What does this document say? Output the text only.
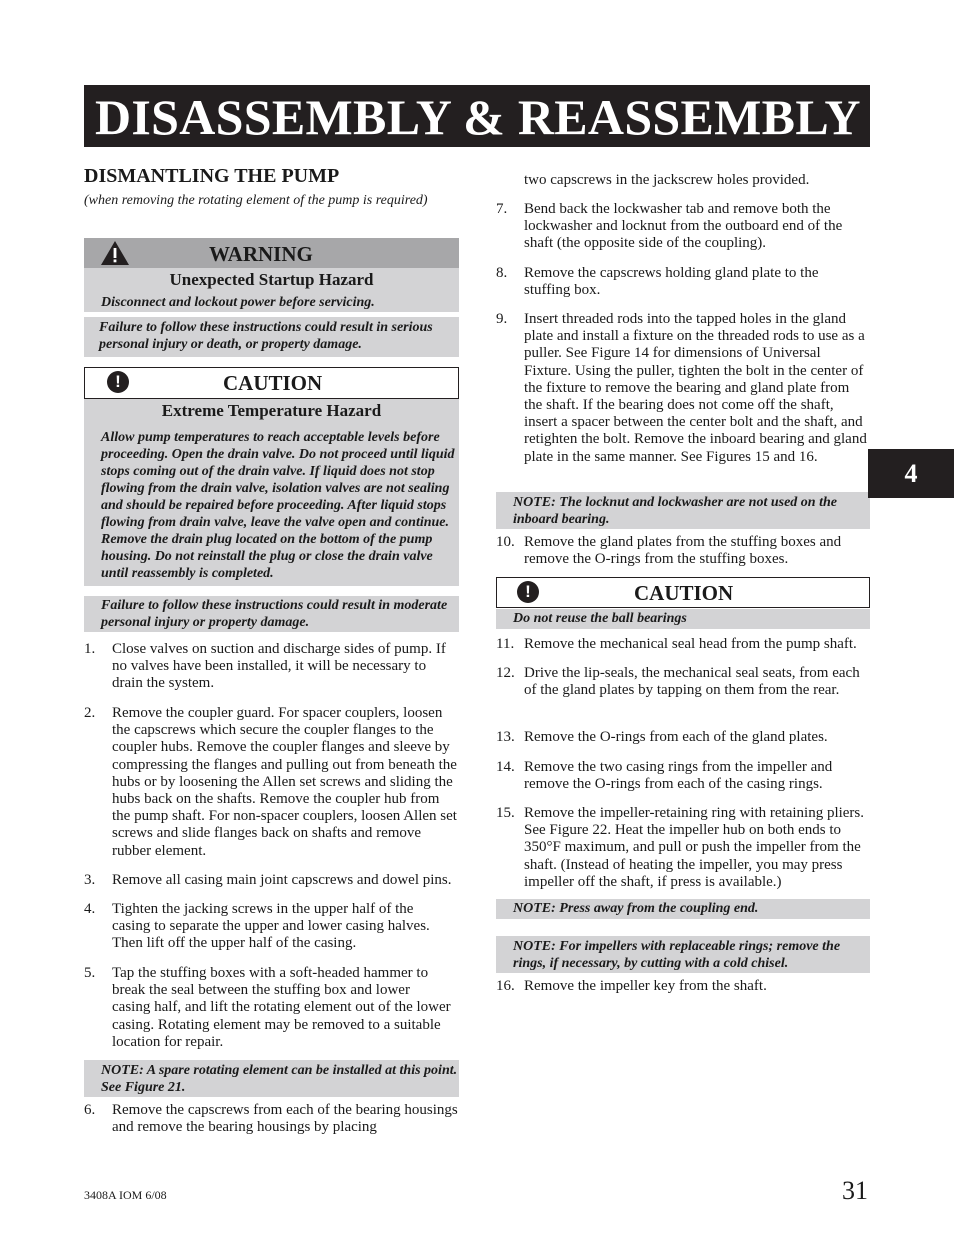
DISASSEMBLY & REASSEMBLY
DISMANTLING THE PUMP
(when removing the rotating element of the pump is required)
WARNING
Unexpected Startup Hazard
Disconnect and lockout power before servicing.
Failure to follow these instructions could result in serious personal injury or death, or property damage.
!	CAUTION
Extreme Temperature Hazard
Allow pump temperatures to reach acceptable levels before proceeding. Open the drain valve. Do not proceed until liquid stops coming out of the drain valve. If liquid does not stop flowing from the drain valve, isolation valves are not sealing and should be repaired before proceeding. After liquid stops flowing from drain valve, leave the valve open and continue. Remove the drain plug located on the bottom of the pump housing. Do not reinstall the plug or close the drain valve until reassembly is completed.
Failure to follow these instructions could result in moderate personal injury or property damage.
1. Close valves on suction and discharge sides of pump. If no valves have been installed, it will be necessary to drain the system.
2. Remove the coupler guard. For spacer couplers, loosen the capscrews which secure the coupler flanges to the coupler hubs. Remove the coupler flanges and sleeve by compressing the flanges and pulling out from beneath the hubs or by loosening the Allen set screws and sliding the hubs back on the shafts. Remove the coupler hub from the pump shaft. For non-spacer couplers, loosen Allen set screws and slide flanges back on shafts and remove rubber element.
3. Remove all casing main joint capscrews and dowel pins.
4. Tighten the jacking screws in the upper half of the casing to separate the upper and lower casing halves. Then lift off the upper half of the casing.
5. Tap the stuffing boxes with a soft-headed hammer to break the seal between the stuffing box and lower casing half, and lift the rotating element out of the lower casing. Rotating element may be removed to a suitable location for repair.
NOTE: A spare rotating element can be installed at this point. See Figure 21.
6. Remove the capscrews from each of the bearing housings and remove the bearing housings by placing
two capscrews in the jackscrew holes provided.
7. Bend back the lockwasher tab and remove both the lockwasher and locknut from the outboard end of the shaft (the opposite side of the coupling).
8. Remove the capscrews holding gland plate to the stuffing box.
9. Insert threaded rods into the tapped holes in the gland plate and install a fixture on the threaded rods to use as a puller. See Figure 14 for dimensions of Universal Fixture. Using the puller, tighten the bolt in the center of the fixture to remove the bearing and gland plate from the shaft. If the bearing does not come off the shaft, insert a spacer between the center bolt and the shaft, and retighten the bolt. Remove the inboard bearing and gland plate in the same manner. See Figures 15 and 16.
NOTE: The locknut and lockwasher are not used on the inboard bearing.
10. Remove the gland plates from the stuffing boxes and remove the O-rings from the stuffing boxes.
!	CAUTION
Do not reuse the ball bearings
11. Remove the mechanical seal head from the pump shaft.
12. Drive the lip-seals, the mechanical seal seats, from each of the gland plates by tapping on them from the rear.
13. Remove the O-rings from each of the gland plates.
14. Remove the two casing rings from the impeller and remove the O-rings from each of the casing rings.
15. Remove the impeller-retaining ring with retaining pliers. See Figure 22. Heat the impeller hub on both ends to 350°F maximum, and pull or push the impeller from the shaft. (Instead of heating the impeller, you may press impeller off the shaft, if press is available.)
NOTE: Press away from the coupling end.
NOTE: For impellers with replaceable rings; remove the rings, if necessary, by cutting with a cold chisel.
16. Remove the impeller key from the shaft.
4
3408A IOM 6/08	31
